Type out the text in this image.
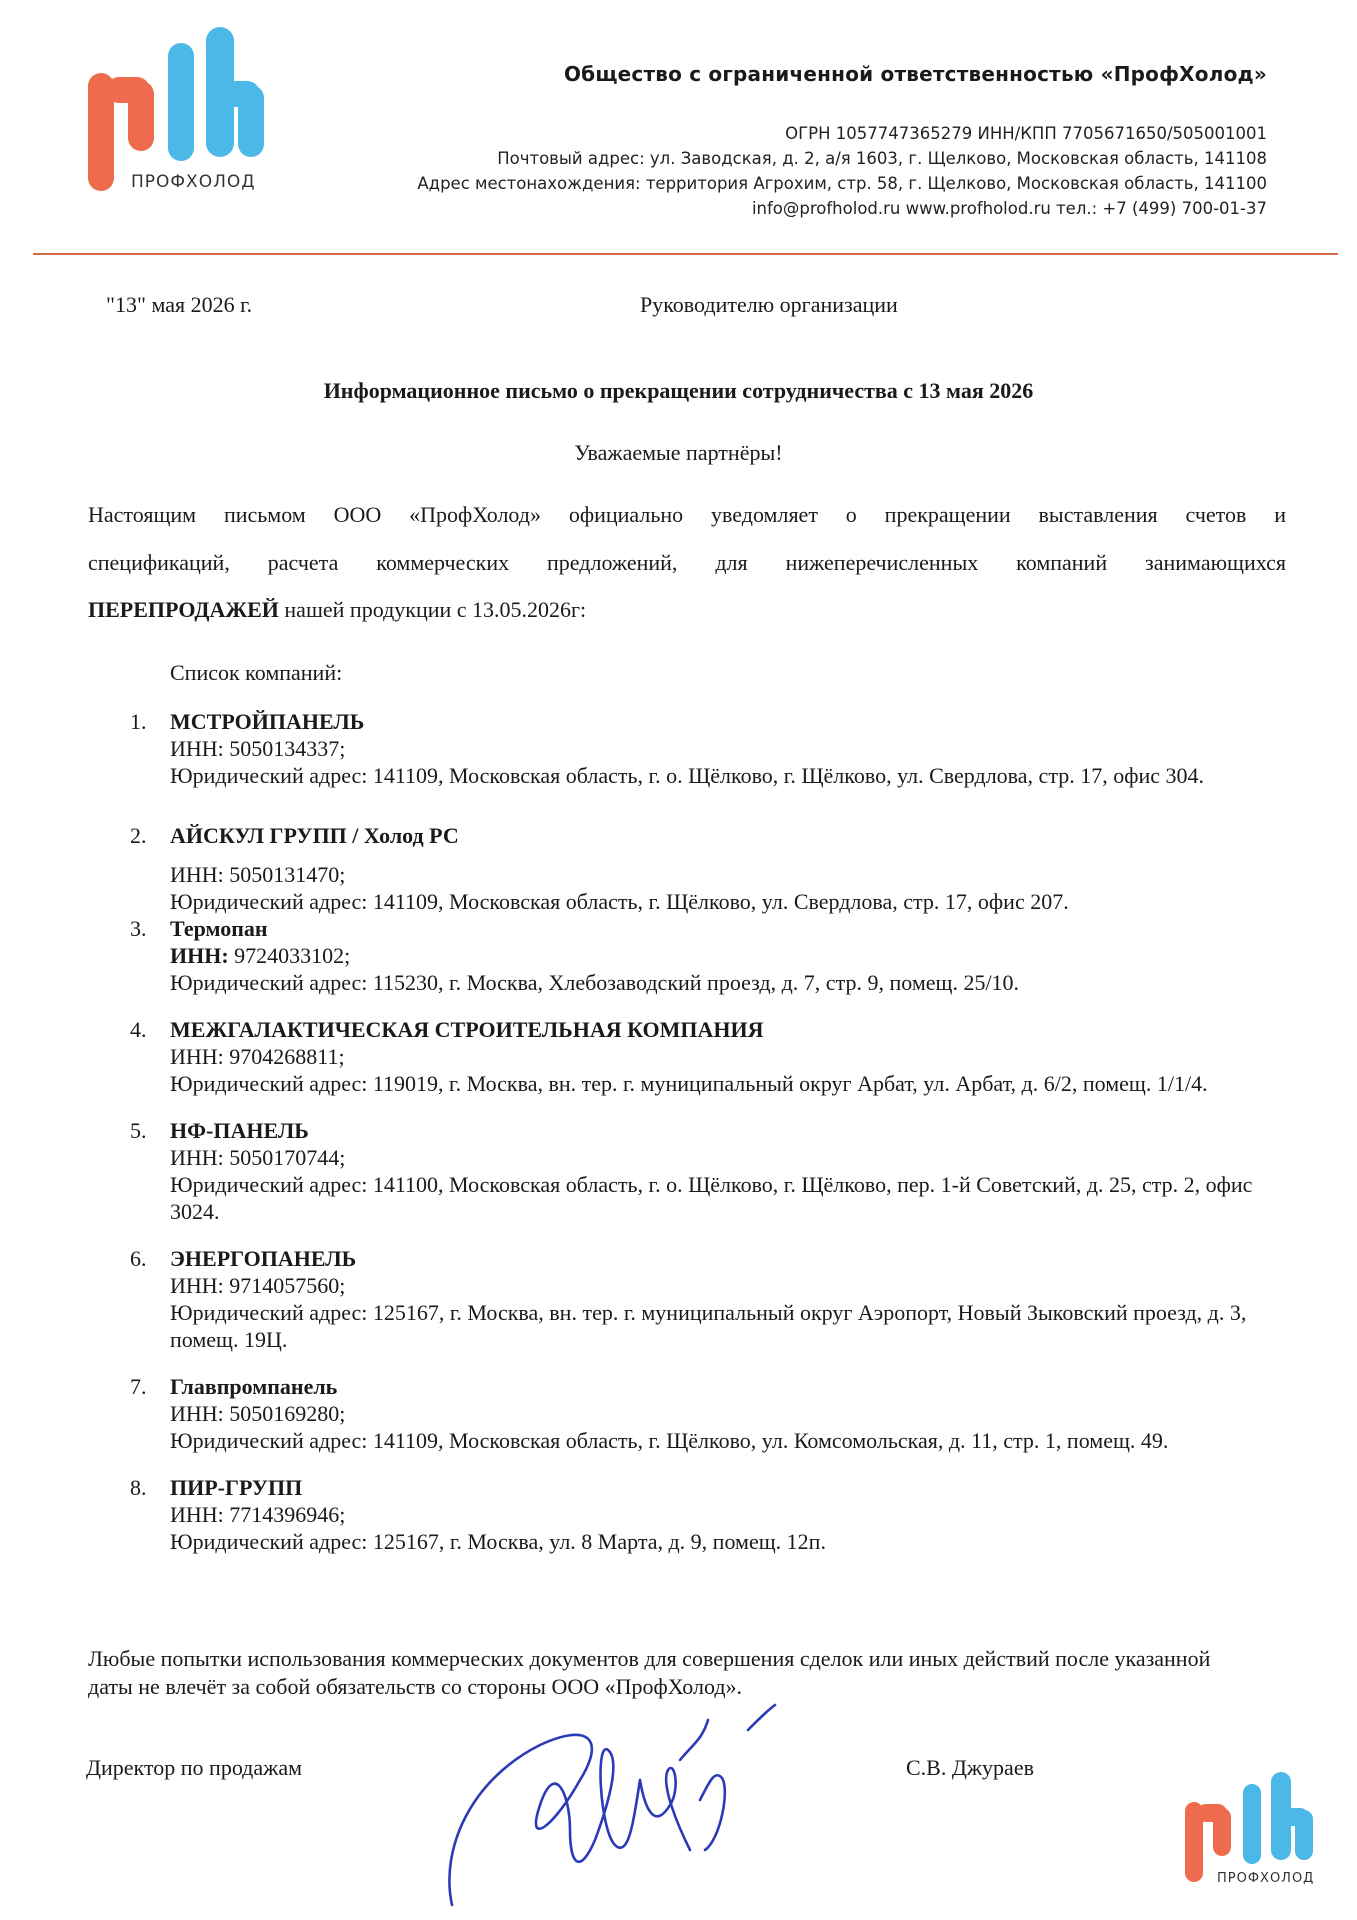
ПРОФХОЛОД
Общество с ограниченной ответственностью «ПрофХолод»
ОГРН 1057747365279 ИНН/КПП 7705671650/505001001
Почтовый адрес: ул. Заводская, д. 2, а/я 1603, г. Щелково, Московская область, 141108
Адрес местонахождения: территория Агрохим, стр. 58, г. Щелково, Московская область, 141100
info@profholod.ru www.profholod.ru тел.: +7 (499) 700-01-37
"13" мая 2026 г.	Руководителю организации
Информационное письмо о прекращении сотрудничества с 13 мая 2026
Уважаемые партнёры!
Настоящим письмом ООО «ПрофХолод» официально уведомляет о прекращении выставления счетов и
спецификаций, расчета коммерческих предложений, для нижеперечисленных компаний занимающихся
ПЕРЕПРОДАЖЕЙ нашей продукции с 13.05.2026г:
Список компаний:
1. МСТРОЙПАНЕЛЬ
ИНН: 5050134337;
Юридический адрес: 141109, Московская область, г. о. Щёлково, г. Щёлково, ул. Свердлова, стр. 17, офис 304.
2. АЙСКУЛ ГРУПП / Холод РС
ИНН: 5050131470;
Юридический адрес: 141109, Московская область, г. Щёлково, ул. Свердлова, стр. 17, офис 207.
3. Термопан
ИНН: 9724033102;
Юридический адрес: 115230, г. Москва, Хлебозаводский проезд, д. 7, стр. 9, помещ. 25/10.
4. МЕЖГАЛАКТИЧЕСКАЯ СТРОИТЕЛЬНАЯ КОМПАНИЯ
ИНН: 9704268811;
Юридический адрес: 119019, г. Москва, вн. тер. г. муниципальный округ Арбат, ул. Арбат, д. 6/2, помещ. 1/1/4.
5. НФ-ПАНЕЛЬ
ИНН: 5050170744;
Юридический адрес: 141100, Московская область, г. о. Щёлково, г. Щёлково, пер. 1-й Советский, д. 25, стр. 2, офис 3024.
6. ЭНЕРГОПАНЕЛЬ
ИНН: 9714057560;
Юридический адрес: 125167, г. Москва, вн. тер. г. муниципальный округ Аэропорт, Новый Зыковский проезд, д. 3, помещ. 19Ц.
7. Главпромпанель
ИНН: 5050169280;
Юридический адрес: 141109, Московская область, г. Щёлково, ул. Комсомольская, д. 11, стр. 1, помещ. 49.
8. ПИР-ГРУПП
ИНН: 7714396946;
Юридический адрес: 125167, г. Москва, ул. 8 Марта, д. 9, помещ. 12п.
Любые попытки использования коммерческих документов для совершения сделок или иных действий после указанной даты не влечёт за собой обязательств со стороны ООО «ПрофХолод».
Директор по продажам	С.В. Джураев
ПРОФХОЛОД
